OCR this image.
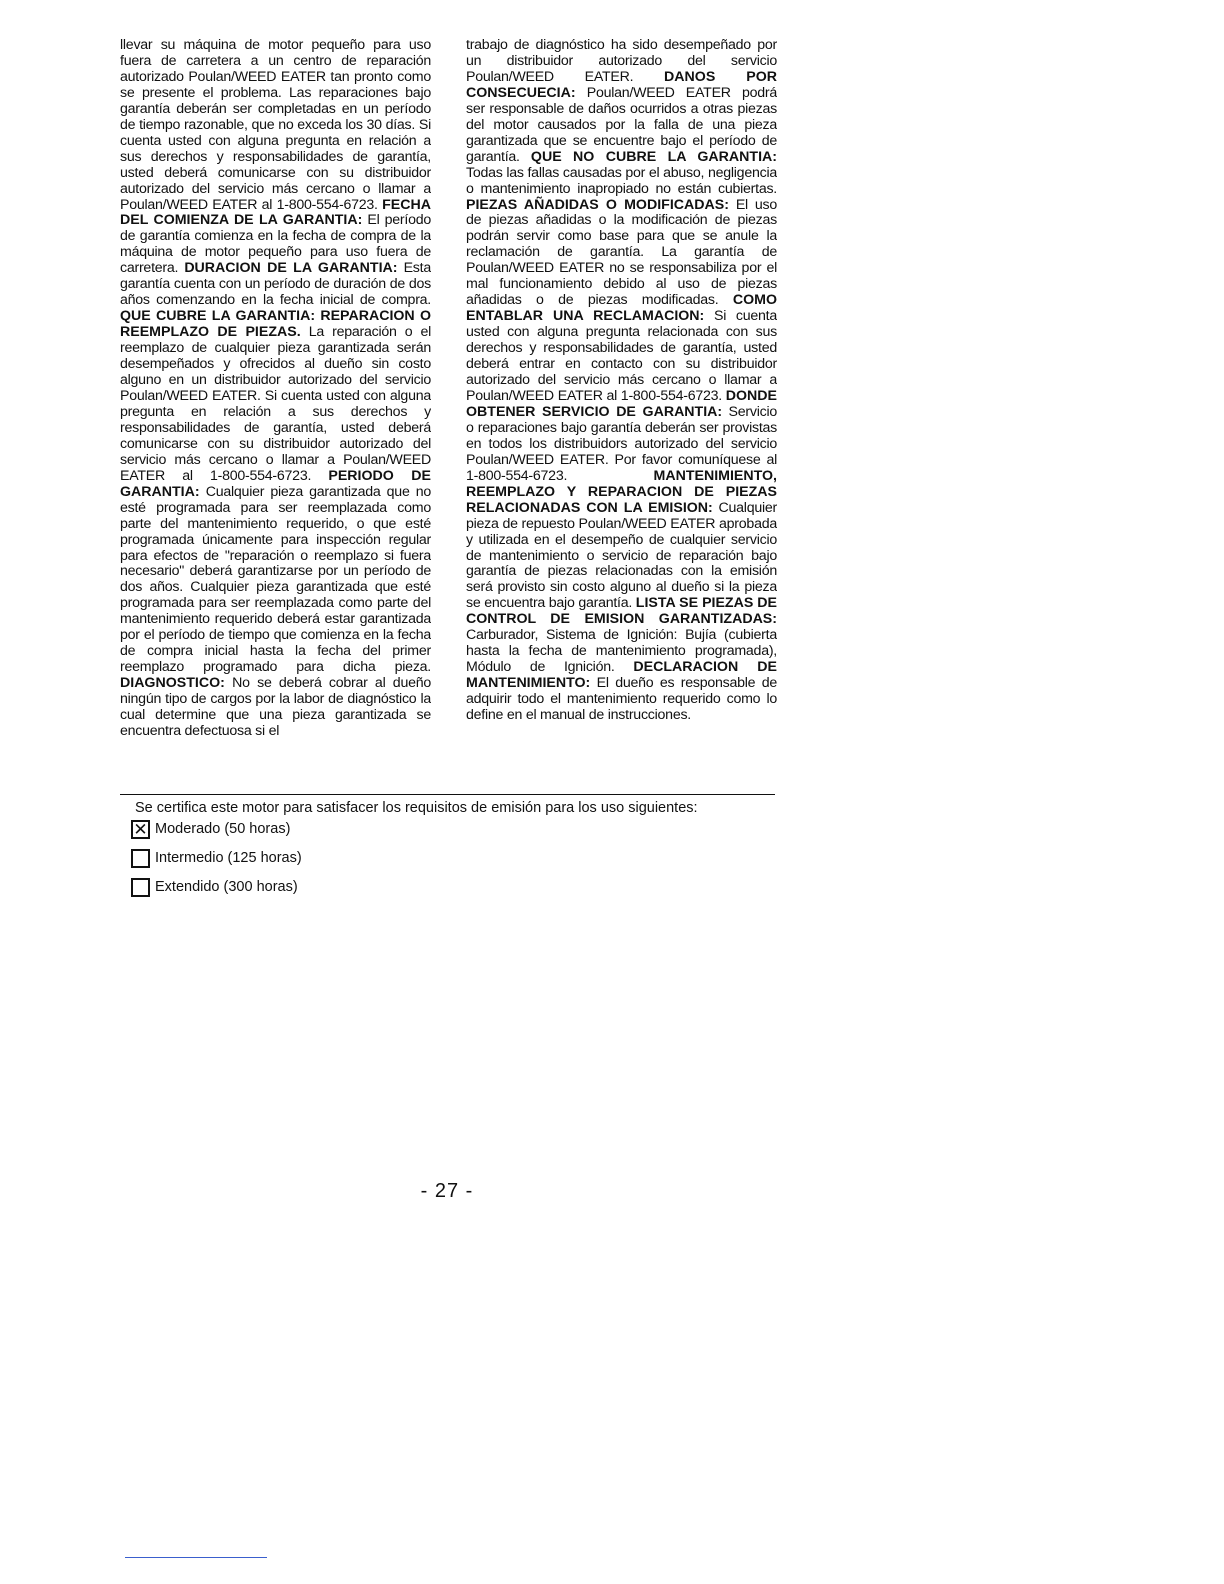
llevar su máquina de motor pequeño para uso fuera de carretera a un centro de reparación autorizado Poulan/WEED EATER tan pronto como se presente el problema. Las reparaciones bajo garantía deberán ser completadas en un período de tiempo razonable, que no exceda los 30 días. Si cuenta usted con alguna pregunta en relación a sus derechos y responsabilidades de garantía, usted deberá comunicarse con su distribuidor autorizado del servicio más cercano o llamar a Poulan/WEED EATER al 1-800-554-6723. FECHA DEL COMIENZA DE LA GARANTIA: El período de garantía comienza en la fecha de compra de la máquina de motor pequeño para uso fuera de carretera. DURACION DE LA GARANTIA: Esta garantía cuenta con un período de duración de dos años comenzando en la fecha inicial de compra. QUE CUBRE LA GARANTIA: REPARACION O REEMPLAZO DE PIEZAS. La reparación o el reemplazo de cualquier pieza garantizada serán desempeñados y ofrecidos al dueño sin costo alguno en un distribuidor autorizado del servicio Poulan/WEED EATER. Si cuenta usted con alguna pregunta en relación a sus derechos y responsabilidades de garantía, usted deberá comunicarse con su distribuidor autorizado del servicio más cercano o llamar a Poulan/WEED EATER al 1-800-554-6723. PERIODO DE GARANTIA: Cualquier pieza garantizada que no esté programada para ser reemplazada como parte del mantenimiento requerido, o que esté programada únicamente para inspección regular para efectos de "reparación o reemplazo si fuera necesario" deberá garantizarse por un período de dos años. Cualquier pieza garantizada que esté programada para ser reemplazada como parte del mantenimiento requerido deberá estar garantizada por el período de tiempo que comienza en la fecha de compra inicial hasta la fecha del primer reemplazo programado para dicha pieza. DIAGNOSTICO: No se deberá cobrar al dueño ningún tipo de cargos por la labor de diagnóstico la cual determine que una pieza garantizada se encuentra defectuosa si el
trabajo de diagnóstico ha sido desempeñado por un distribuidor autorizado del servicio Poulan/WEED EATER. DANOS POR CONSECUECIA: Poulan/WEED EATER podrá ser responsable de daños ocurridos a otras piezas del motor causados por la falla de una pieza garantizada que se encuentre bajo el período de garantía. QUE NO CUBRE LA GARANTIA: Todas las fallas causadas por el abuso, negligencia o mantenimiento inapropiado no están cubiertas. PIEZAS AÑADIDAS O MODIFICADAS: El uso de piezas añadidas o la modificación de piezas podrán servir como base para que se anule la reclamación de garantía. La garantía de Poulan/WEED EATER no se responsabiliza por el mal funcionamiento debido al uso de piezas añadidas o de piezas modificadas. COMO ENTABLAR UNA RECLAMACION: Si cuenta usted con alguna pregunta relacionada con sus derechos y responsabilidades de garantía, usted deberá entrar en contacto con su distribuidor autorizado del servicio más cercano o llamar a Poulan/WEED EATER al 1-800-554-6723. DONDE OBTENER SERVICIO DE GARANTIA: Servicio o reparaciones bajo garantía deberán ser provistas en todos los distribuidors autorizado del servicio Poulan/WEED EATER. Por favor comuníquese al 1-800-554-6723. MANTENIMIENTO, REEMPLAZO Y REPARACION DE PIEZAS RELACIONADAS CON LA EMISION: Cualquier pieza de repuesto Poulan/WEED EATER aprobada y utilizada en el desempeño de cualquier servicio de mantenimiento o servicio de reparación bajo garantía de piezas relacionadas con la emisión será provisto sin costo alguno al dueño si la pieza se encuentra bajo garantía. LISTA SE PIEZAS DE CONTROL DE EMISION GARANTIZADAS: Carburador, Sistema de Ignición: Bujía (cubierta hasta la fecha de mantenimiento programada), Módulo de Ignición. DECLARACION DE MANTENIMIENTO: El dueño es responsable de adquirir todo el mantenimiento requerido como lo define en el manual de instrucciones.
Se certifica este motor para satisfacer los requisitos de emisión para los uso siguientes:
✕ Moderado (50 horas)
Intermedio (125 horas)
Extendido (300 horas)
- 27 -
